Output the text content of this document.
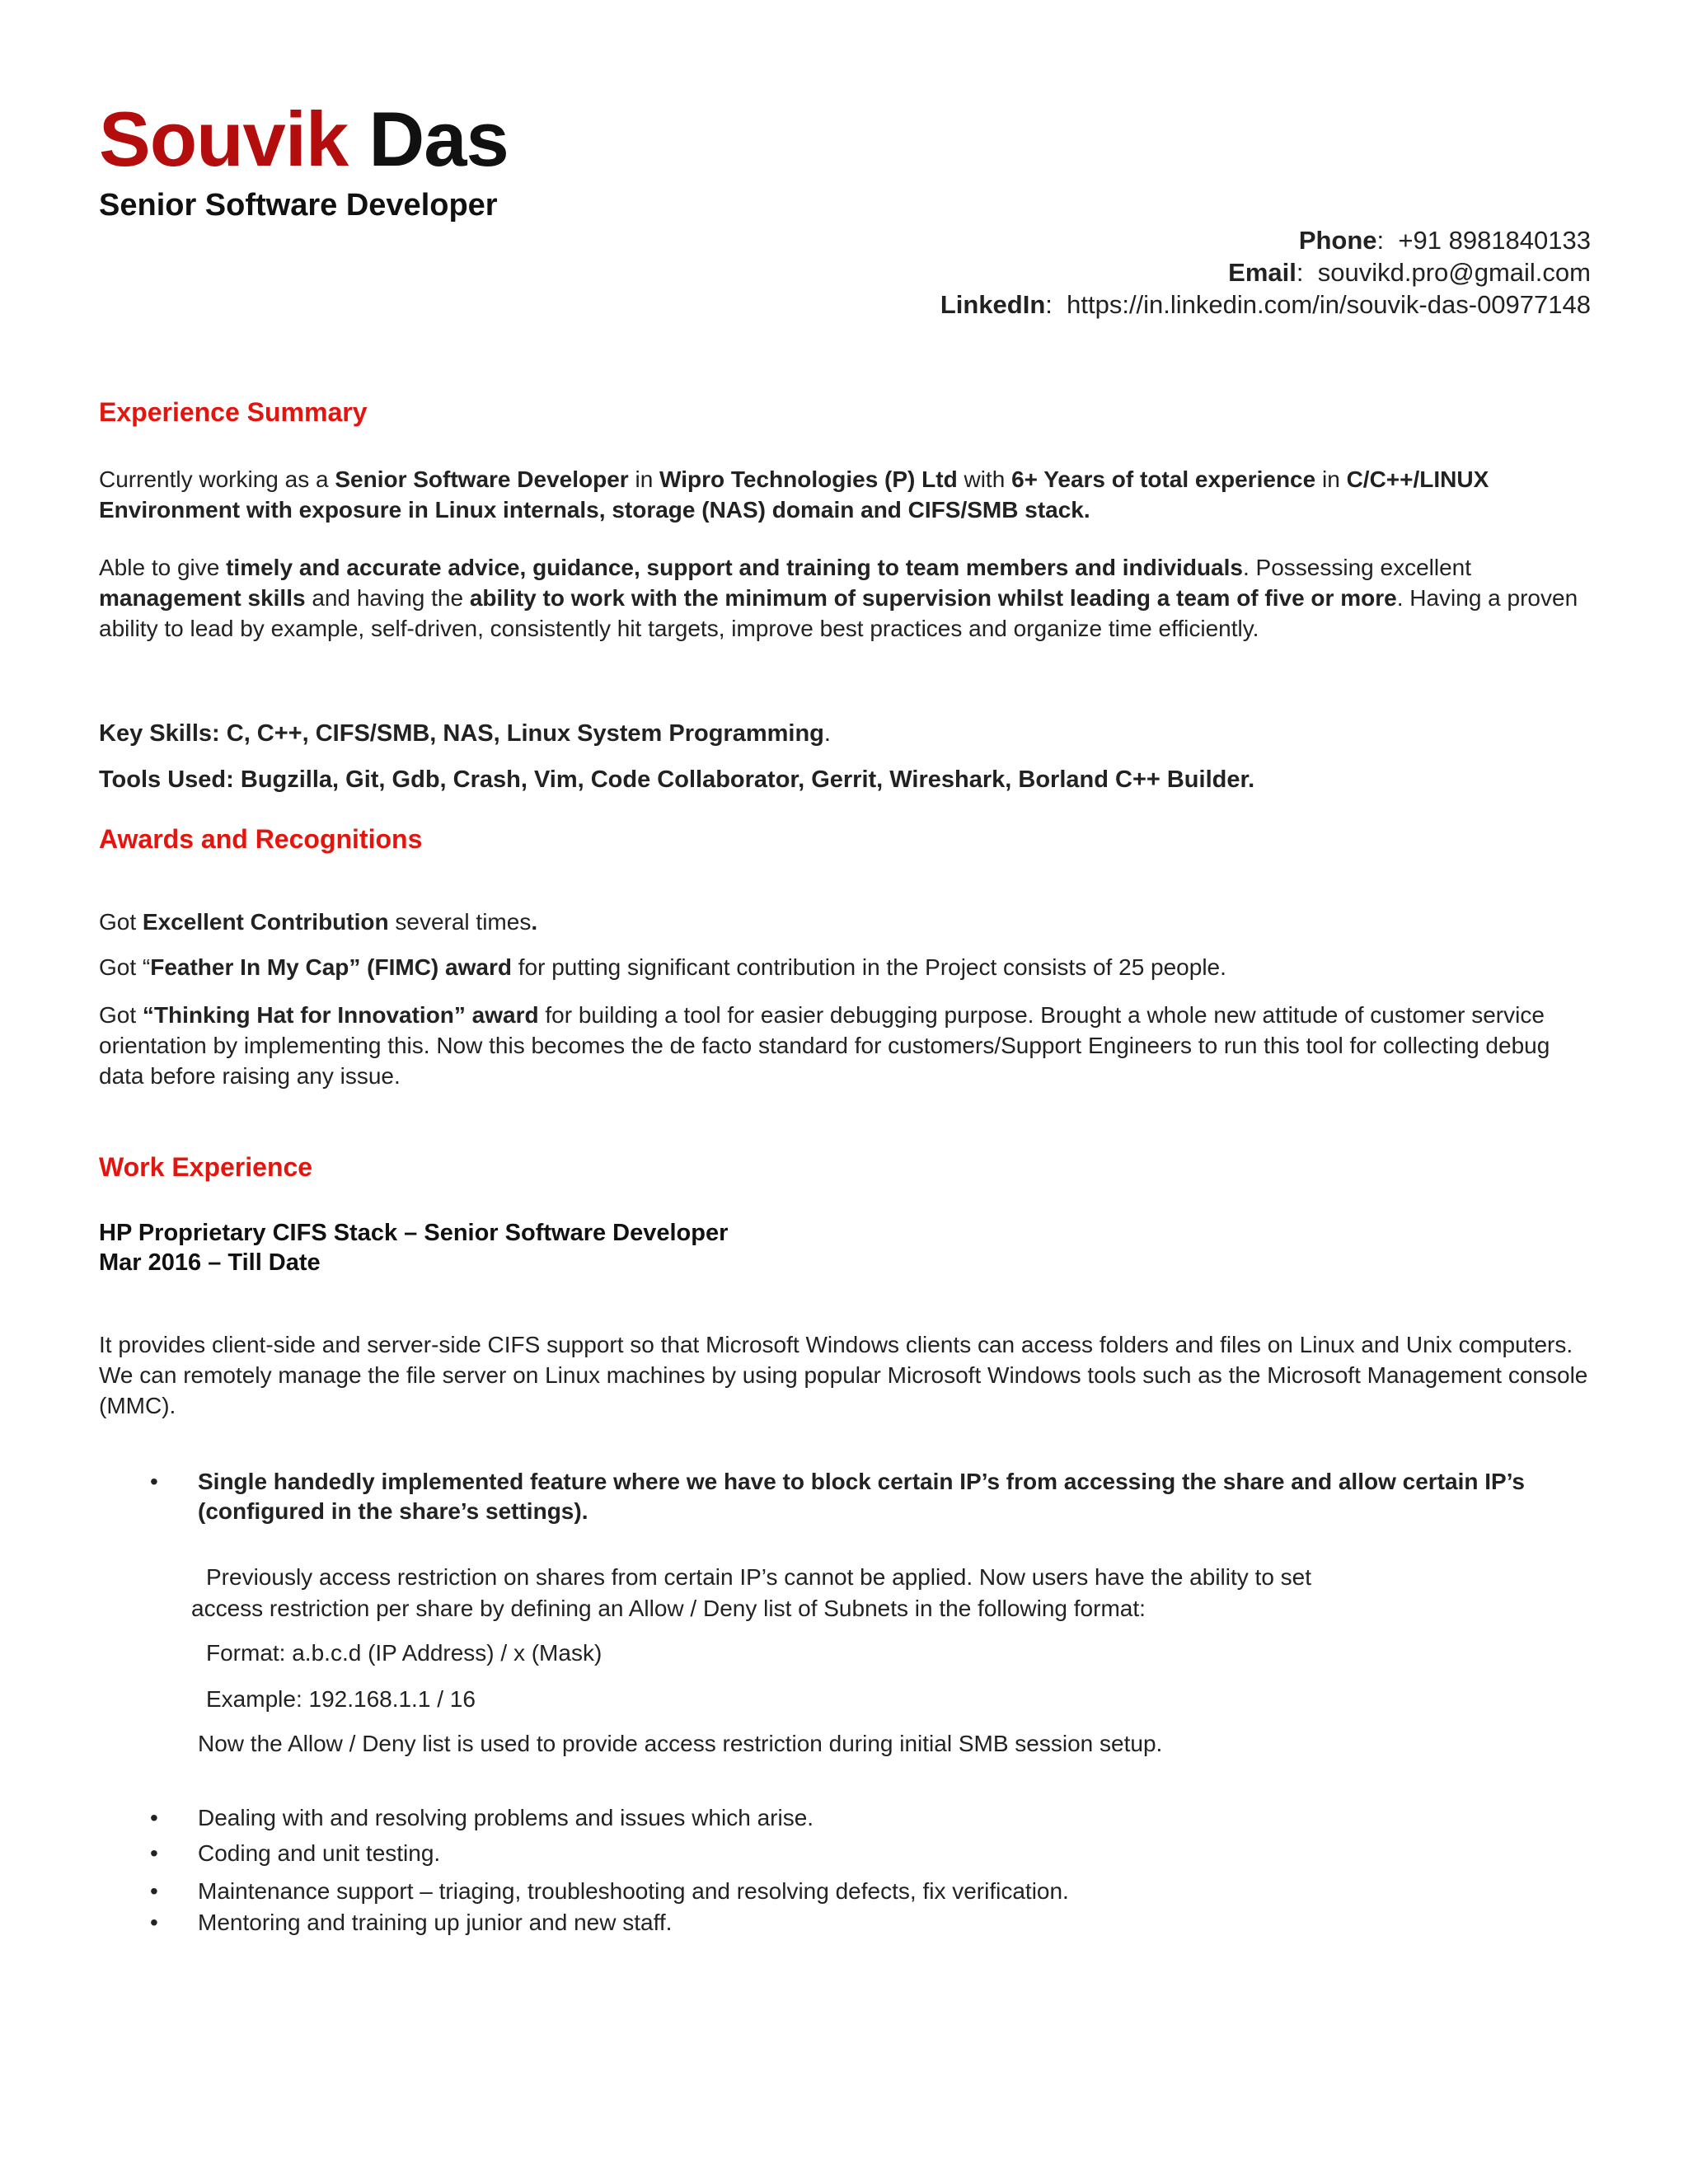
Souvik Das
Senior Software Developer
Phone:  +91 8981840133
Email:  souvikd.pro@gmail.com
LinkedIn:  https://in.linkedin.com/in/souvik-das-00977148
Experience Summary
Currently working as a Senior Software Developer in Wipro Technologies (P) Ltd with 6+ Years of total experience in C/C++/LINUX Environment with exposure in Linux internals, storage (NAS) domain and CIFS/SMB stack.
Able to give timely and accurate advice, guidance, support and training to team members and individuals. Possessing excellent management skills and having the ability to work with the minimum of supervision whilst leading a team of five or more. Having a proven ability to lead by example, self-driven, consistently hit targets, improve best practices and organize time efficiently.
Key Skills: C, C++, CIFS/SMB, NAS, Linux System Programming.
Tools Used: Bugzilla, Git, Gdb, Crash, Vim, Code Collaborator, Gerrit, Wireshark, Borland C++ Builder.
Awards and Recognitions
Got Excellent Contribution several times.
Got “Feather In My Cap” (FIMC) award for putting significant contribution in the Project consists of 25 people.
Got “Thinking Hat for Innovation” award for building a tool for easier debugging purpose. Brought a whole new attitude of customer service orientation by implementing this. Now this becomes the de facto standard for customers/Support Engineers to run this tool for collecting debug data before raising any issue.
Work Experience
HP Proprietary CIFS Stack – Senior Software Developer
Mar 2016 – Till Date
It provides client-side and server-side CIFS support so that Microsoft Windows clients can access folders and files on Linux and Unix computers. We can remotely manage the file server on Linux machines by using popular Microsoft Windows tools such as the Microsoft Management console (MMC).
• Single handedly implemented feature where we have to block certain IP’s from accessing the share and allow certain IP’s (configured in the share’s settings).
Previously access restriction on shares from certain IP’s cannot be applied. Now users have the ability to set
access restriction per share by defining an Allow / Deny list of Subnets in the following format:
Format: a.b.c.d (IP Address) / x (Mask)
Example: 192.168.1.1 / 16
Now the Allow / Deny list is used to provide access restriction during initial SMB session setup.
• Dealing with and resolving problems and issues which arise.
• Coding and unit testing.
• Maintenance support – triaging, troubleshooting and resolving defects, fix verification.
• Mentoring and training up junior and new staff.
